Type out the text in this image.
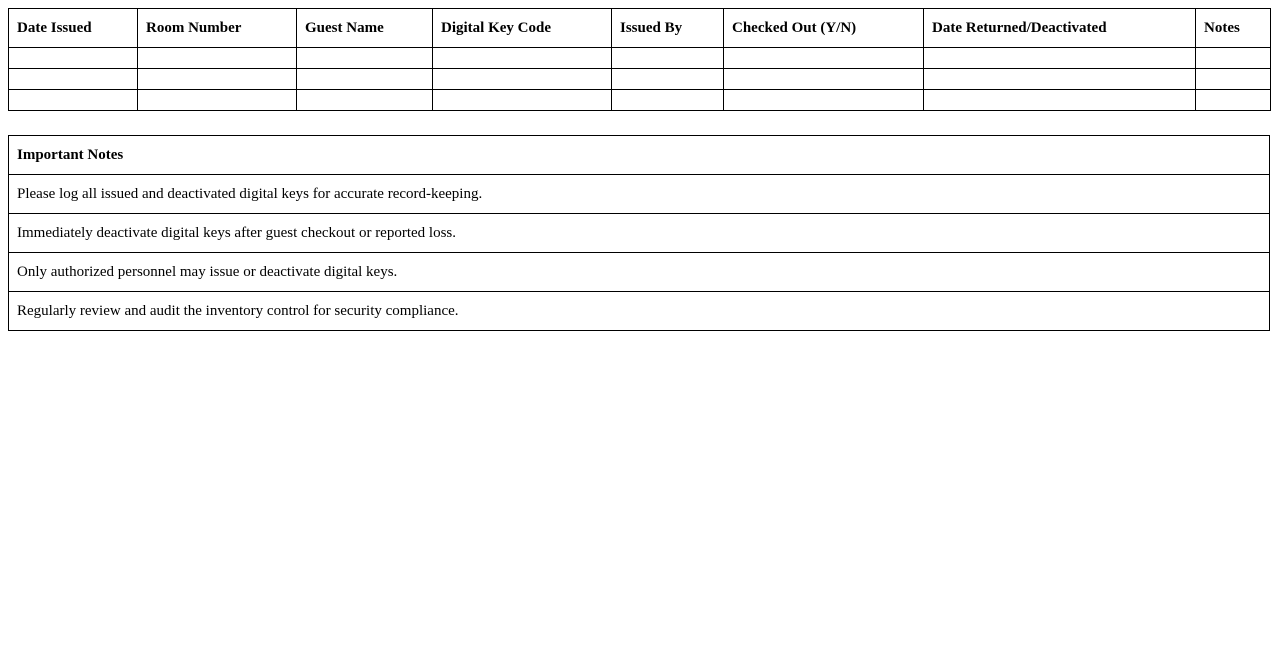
Date Issued	Room Number	Guest Name	Digital Key Code	Issued By	Checked Out (Y/N)	Date Returned/Deactivated	Notes

Important Notes
Please log all issued and deactivated digital keys for accurate record-keeping.
Immediately deactivate digital keys after guest checkout or reported loss.
Only authorized personnel may issue or deactivate digital keys.
Regularly review and audit the inventory control for security compliance.
